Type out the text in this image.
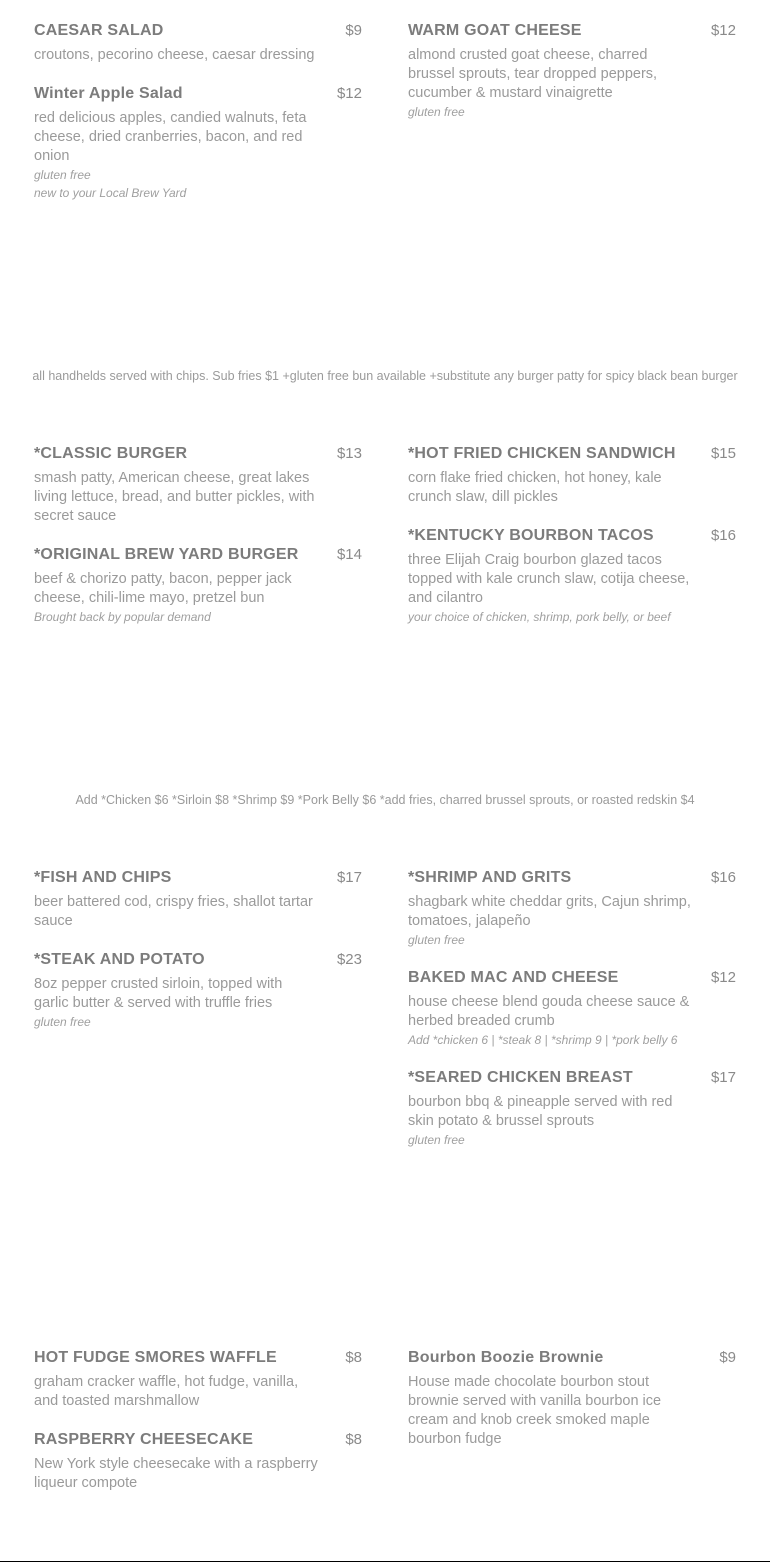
CAESAR SALAD	$9
croutons, pecorino cheese, caesar dressing
Winter Apple Salad	$12
red delicious apples, candied walnuts, feta cheese, dried cranberries, bacon, and red onion
gluten free
new to your Local Brew Yard
WARM GOAT CHEESE	$12
almond crusted goat cheese, charred brussel sprouts, tear dropped peppers, cucumber & mustard vinaigrette
gluten free
all handhelds served with chips. Sub fries $1 +gluten free bun available +substitute any burger patty for spicy black bean burger
*CLASSIC BURGER	$13
smash patty, American cheese, great lakes living lettuce, bread, and butter pickles, with secret sauce
*ORIGINAL BREW YARD BURGER	$14
beef & chorizo patty, bacon, pepper jack cheese, chili-lime mayo, pretzel bun
Brought back by popular demand
*HOT FRIED CHICKEN SANDWICH $15
corn flake fried chicken, hot honey, kale crunch slaw, dill pickles
*KENTUCKY BOURBON TACOS	$16
three Elijah Craig bourbon glazed tacos topped with kale crunch slaw, cotija cheese, and cilantro
your choice of chicken, shrimp, pork belly, or beef
Add *Chicken $6 *Sirloin $8 *Shrimp $9 *Pork Belly $6 *add fries, charred brussel sprouts, or roasted redskin $4
*FISH AND CHIPS	$17
beer battered cod, crispy fries, shallot tartar sauce
*STEAK AND POTATO	$23
8oz pepper crusted sirloin, topped with garlic butter & served with truffle fries
gluten free
*SHRIMP AND GRITS	$16
shagbark white cheddar grits, Cajun shrimp, tomatoes, jalapeño
gluten free
BAKED MAC AND CHEESE	$12
house cheese blend gouda cheese sauce & herbed breaded crumb
Add *chicken 6 | *steak 8 | *shrimp 9 | *pork belly 6
*SEARED CHICKEN BREAST	$17
bourbon bbq & pineapple served with red skin potato & brussel sprouts
gluten free
HOT FUDGE SMORES WAFFLE	$8
graham cracker waffle, hot fudge, vanilla, and toasted marshmallow
RASPBERRY CHEESECAKE	$8
New York style cheesecake with a raspberry liqueur compote
Bourbon Boozie Brownie	$9
House made chocolate bourbon stout brownie served with vanilla bourbon ice cream and knob creek smoked maple bourbon fudge
